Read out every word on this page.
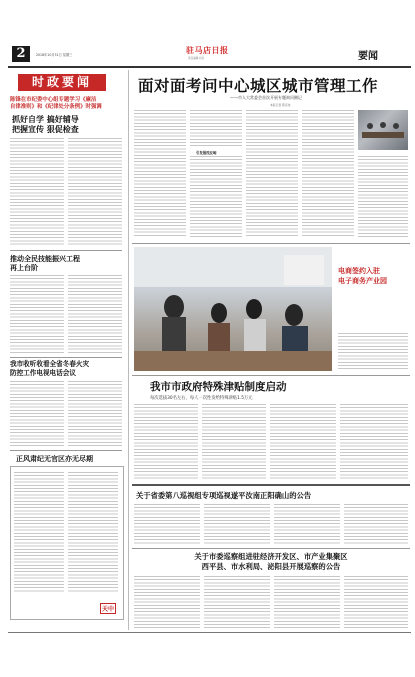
2	2018年10月31日 星期三	驻马店日报
责任编辑 校对	要闻
时政要闻
陈锋在市纪委中心组专题学习《廉洁
自律准则》和《纪律处分条例》时强调
抓好自学 搞好辅导
把握宣传 狠促检查
推动全民技能振兴工程
再上台阶
我市收听收看全省冬春火灾
防控工作电视电话会议
正风肃纪无官区亦无尽期
天中
面对面考问中心城区城市管理工作
——市人大常委会首次开展专题询问侧记
本报记者 陈家伟
引发强烈反响
电商签约入驻
电子商务产业园
我市市政府特殊津贴制度启动
每次选拔30名左右，每人一次性发给特殊津贴1.5万元
关于省委第八巡视组专项巡视遂平汝南正阳确山的公告
关于市委巡察组进驻经济开发区、市产业集聚区
西平县、市水利局、泌阳县开展巡察的公告
